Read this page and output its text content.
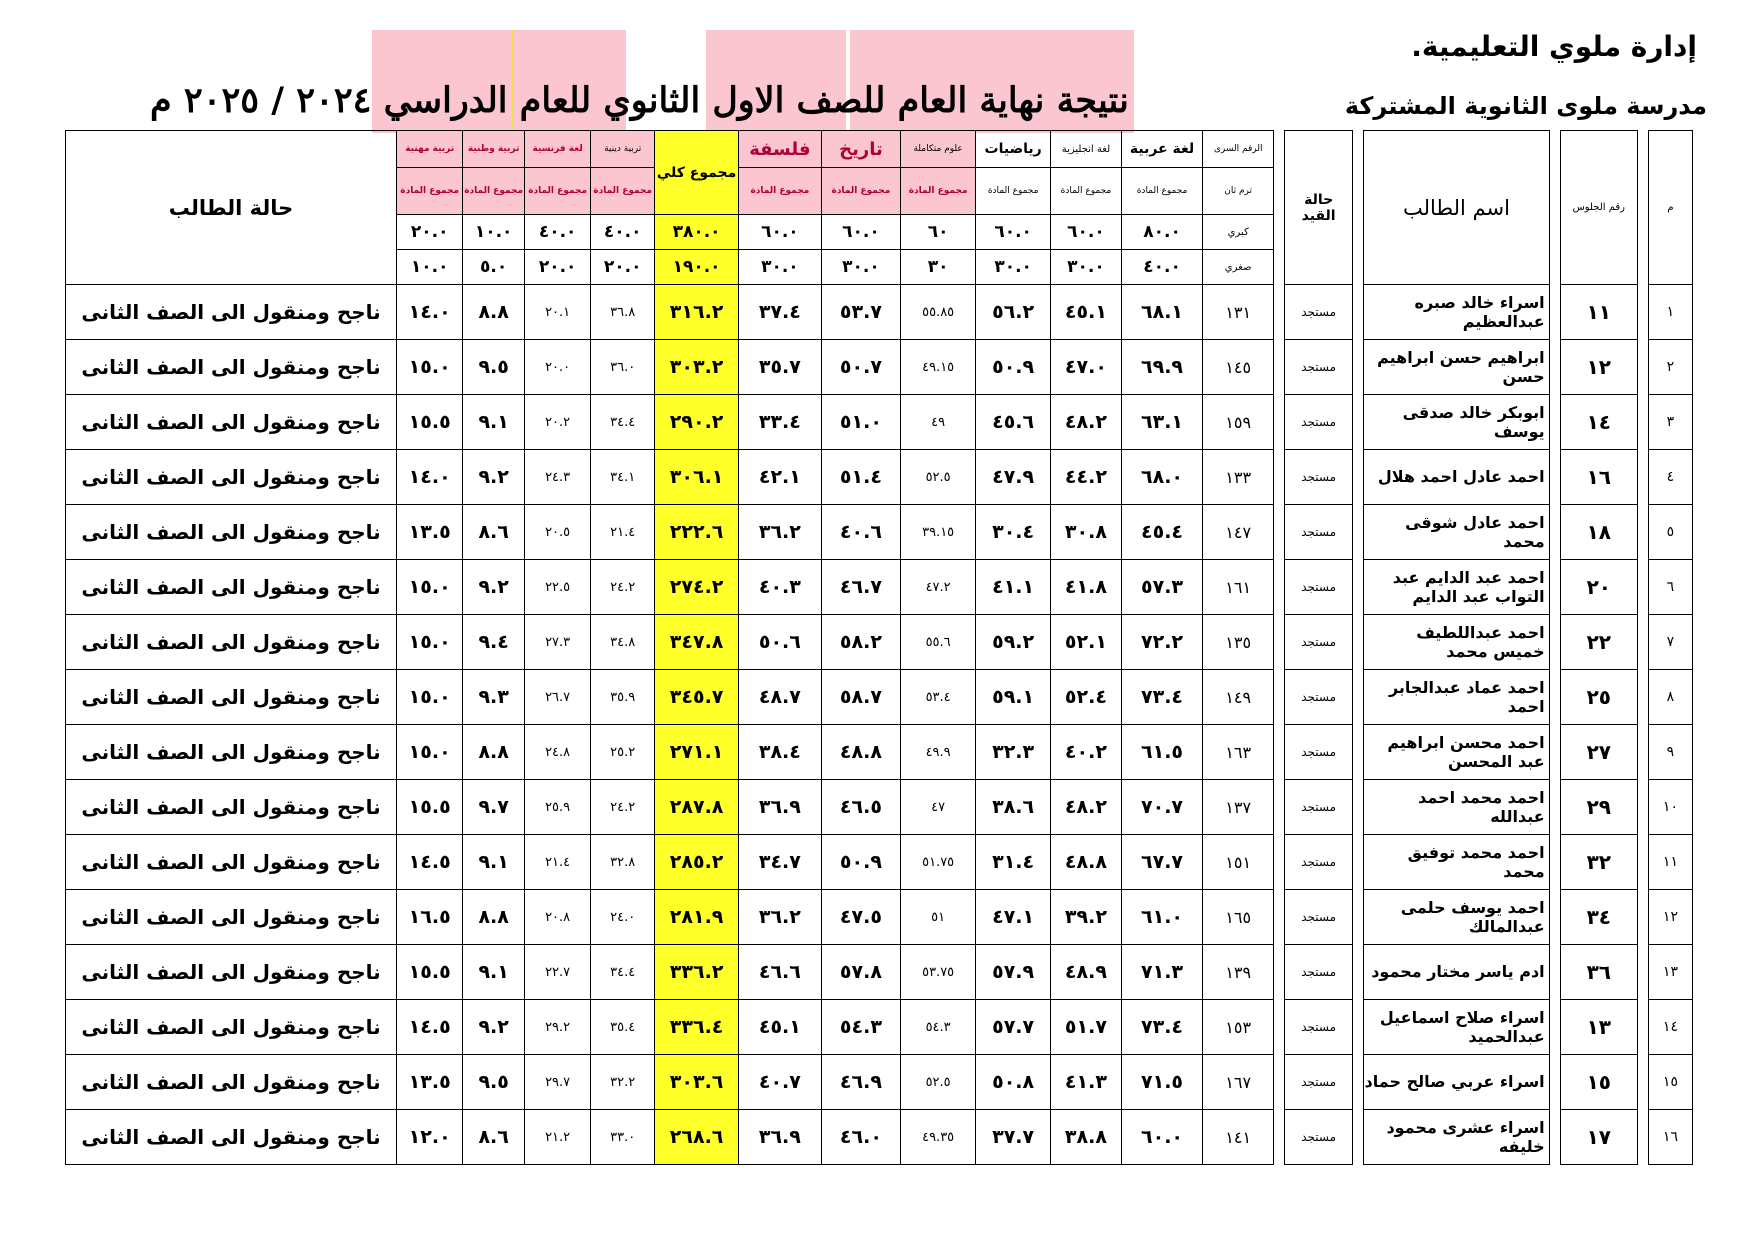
إدارة ملوي التعليمية.
مدرسة ملوى الثانوية المشتركة
نتيجة نهاية العام للصف الاول الثانوي للعام الدراسي ٢٠٢٤ / ٢٠٢٥ م
م		رقم الجلوس		اسم الطالب		حالة القيد		الرقم السرى	لغة عربية	لغة انجليزية	رياضيات	علوم متكاملة	تاريخ	فلسفة	مجموع كلي	تربية دينية	لغة فرنسية	تربية وطنية	تربية مهنية	حالة الطالب
								ترم ثان	مجموع المادة	مجموع المادة	مجموع المادة	مجموع المادة	مجموع المادة	مجموع المادة		مجموع المادة	مجموع المادة	مجموع المادة	مجموع المادة	
								كبري	٨٠.٠	٦٠.٠	٦٠.٠	٦٠	٦٠.٠	٦٠.٠	٣٨٠.٠	٤٠.٠	٤٠.٠	١٠.٠	٢٠.٠	
								صغري	٤٠.٠	٣٠.٠	٣٠.٠	٣٠	٣٠.٠	٣٠.٠	١٩٠.٠	٢٠.٠	٢٠.٠	٥.٠	١٠.٠	
١		١١		اسراء خالد صبره عبدالعظيم		مستجد		١٣١	٦٨.١	٤٥.١	٥٦.٢	٥٥.٨٥	٥٣.٧	٣٧.٤	٣١٦.٢	٣٦.٨	٢٠.١	٨.٨	١٤.٠	ناجح ومنقول الى الصف الثانى
٢		١٢		ابراهيم حسن ابراهيم حسن		مستجد		١٤٥	٦٩.٩	٤٧.٠	٥٠.٩	٤٩.١٥	٥٠.٧	٣٥.٧	٣٠٣.٢	٣٦.٠	٢٠.٠	٩.٥	١٥.٠	ناجح ومنقول الى الصف الثانى
٣		١٤		ابوبكر خالد صدقى يوسف		مستجد		١٥٩	٦٣.١	٤٨.٢	٤٥.٦	٤٩	٥١.٠	٣٣.٤	٢٩٠.٢	٣٤.٤	٢٠.٢	٩.١	١٥.٥	ناجح ومنقول الى الصف الثانى
٤		١٦		احمد عادل احمد هلال		مستجد		١٣٣	٦٨.٠	٤٤.٢	٤٧.٩	٥٢.٥	٥١.٤	٤٢.١	٣٠٦.١	٣٤.١	٢٤.٣	٩.٢	١٤.٠	ناجح ومنقول الى الصف الثانى
٥		١٨		احمد عادل شوقى محمد		مستجد		١٤٧	٤٥.٤	٣٠.٨	٣٠.٤	٣٩.١٥	٤٠.٦	٣٦.٢	٢٢٢.٦	٢١.٤	٢٠.٥	٨.٦	١٣.٥	ناجح ومنقول الى الصف الثانى
٦		٢٠		احمد عبد الدايم عبد التواب عبد الدايم		مستجد		١٦١	٥٧.٣	٤١.٨	٤١.١	٤٧.٢	٤٦.٧	٤٠.٣	٢٧٤.٢	٢٤.٢	٢٢.٥	٩.٢	١٥.٠	ناجح ومنقول الى الصف الثانى
٧		٢٢		احمد عبداللطيف خميس محمد		مستجد		١٣٥	٧٢.٢	٥٢.١	٥٩.٢	٥٥.٦	٥٨.٢	٥٠.٦	٣٤٧.٨	٣٤.٨	٢٧.٣	٩.٤	١٥.٠	ناجح ومنقول الى الصف الثانى
٨		٢٥		احمد عماد عبدالجابر احمد		مستجد		١٤٩	٧٣.٤	٥٢.٤	٥٩.١	٥٣.٤	٥٨.٧	٤٨.٧	٣٤٥.٧	٣٥.٩	٢٦.٧	٩.٣	١٥.٠	ناجح ومنقول الى الصف الثانى
٩		٢٧		احمد محسن ابراهيم عبد المحسن		مستجد		١٦٣	٦١.٥	٤٠.٢	٣٢.٣	٤٩.٩	٤٨.٨	٣٨.٤	٢٧١.١	٢٥.٢	٢٤.٨	٨.٨	١٥.٠	ناجح ومنقول الى الصف الثانى
١٠		٢٩		احمد محمد احمد عبدالله		مستجد		١٣٧	٧٠.٧	٤٨.٢	٣٨.٦	٤٧	٤٦.٥	٣٦.٩	٢٨٧.٨	٢٤.٢	٢٥.٩	٩.٧	١٥.٥	ناجح ومنقول الى الصف الثانى
١١		٣٢		احمد محمد توفيق محمد		مستجد		١٥١	٦٧.٧	٤٨.٨	٣١.٤	٥١.٧٥	٥٠.٩	٣٤.٧	٢٨٥.٢	٣٢.٨	٢١.٤	٩.١	١٤.٥	ناجح ومنقول الى الصف الثانى
١٢		٣٤		احمد يوسف حلمى عبدالمالك		مستجد		١٦٥	٦١.٠	٣٩.٢	٤٧.١	٥١	٤٧.٥	٣٦.٢	٢٨١.٩	٢٤.٠	٢٠.٨	٨.٨	١٦.٥	ناجح ومنقول الى الصف الثانى
١٣		٣٦		ادم ياسر مختار محمود		مستجد		١٣٩	٧١.٣	٤٨.٩	٥٧.٩	٥٣.٧٥	٥٧.٨	٤٦.٦	٣٣٦.٢	٣٤.٤	٢٢.٧	٩.١	١٥.٥	ناجح ومنقول الى الصف الثانى
١٤		١٣		اسراء صلاح اسماعيل عبدالحميد		مستجد		١٥٣	٧٣.٤	٥١.٧	٥٧.٧	٥٤.٣	٥٤.٣	٤٥.١	٣٣٦.٤	٣٥.٤	٢٩.٢	٩.٢	١٤.٥	ناجح ومنقول الى الصف الثانى
١٥		١٥		اسراء عربي صالح حماد		مستجد		١٦٧	٧١.٥	٤١.٣	٥٠.٨	٥٢.٥	٤٦.٩	٤٠.٧	٣٠٣.٦	٣٢.٢	٢٩.٧	٩.٥	١٣.٥	ناجح ومنقول الى الصف الثانى
١٦		١٧		اسراء عشرى محمود خليفه		مستجد		١٤١	٦٠.٠	٣٨.٨	٣٧.٧	٤٩.٣٥	٤٦.٠	٣٦.٩	٢٦٨.٦	٣٣.٠	٢١.٢	٨.٦	١٢.٠	ناجح ومنقول الى الصف الثانى
